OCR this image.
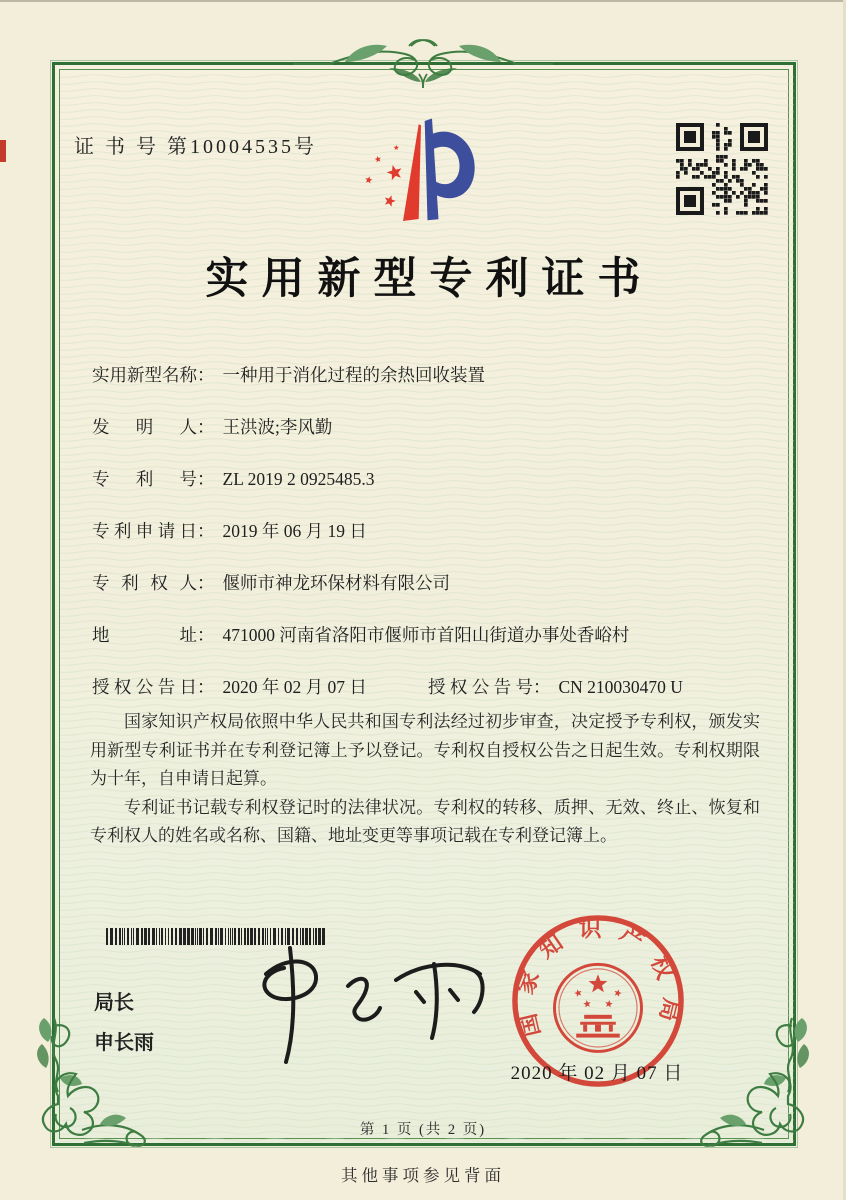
证 书 号 第10004535号
实用新型专利证书
实用新型名称： 一种用于消化过程的余热回收装置
发明人： 王洪波;李风勤
专利号： ZL 2019 2 0925485.3
专利申请日： 2019 年 06 月 19 日
专利权人： 偃师市神龙环保材料有限公司
地址： 471000 河南省洛阳市偃师市首阳山街道办事处香峪村
授权公告日： 2020 年 02 月 07 日	授权公告号： CN 210030470 U

国家知识产权局依照中华人民共和国专利法经过初步审查，决定授予专利权，颁发实用新型专利证书并在专利登记簿上予以登记。专利权自授权公告之日起生效。专利权期限为十年，自申请日起算。

专利证书记载专利权登记时的法律状况。专利权的转移、质押、无效、终止、恢复和专利权人的姓名或名称、国籍、地址变更等事项记载在专利登记簿上。

局长
申长雨
国家知识产权局
2020 年 02 月 07 日
第 1 页 (共 2 页)
其他事项参见背面
